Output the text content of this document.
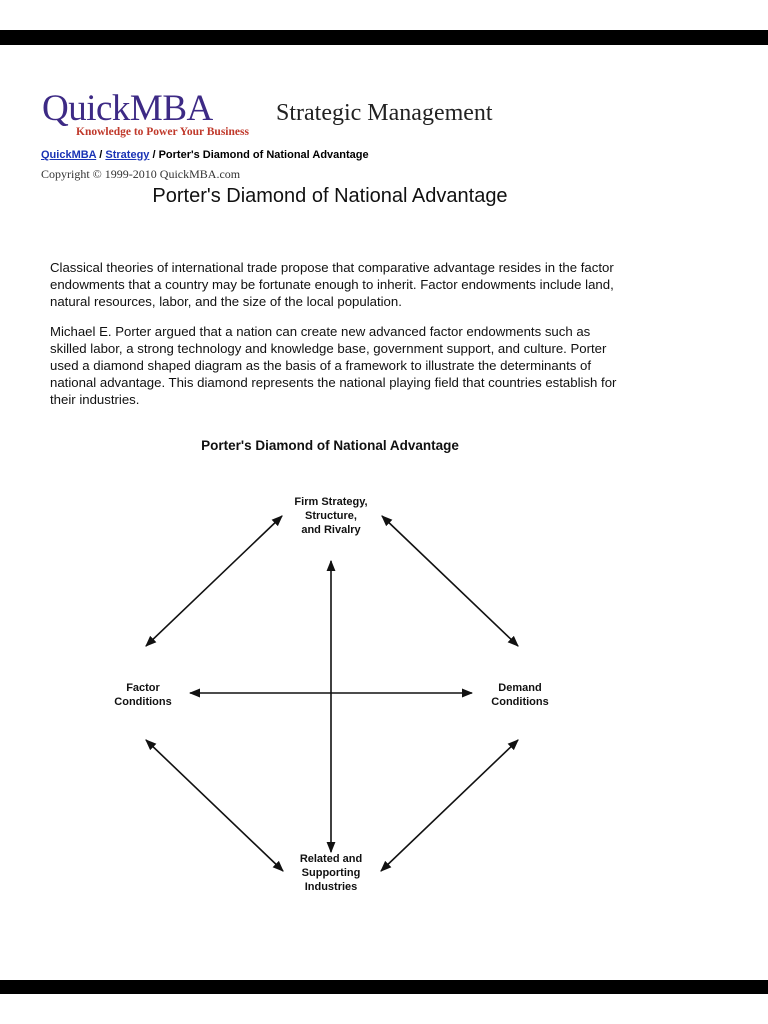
QuickMBA
Knowledge to Power Your Business
Strategic Management
QuickMBA / Strategy / Porter's Diamond of National Advantage
Copyright © 1999-2010 QuickMBA.com
Porter's Diamond of National Advantage

Classical theories of international trade propose that comparative advantage resides in the factor endowments that a country may be fortunate enough to inherit. Factor endowments include land, natural resources, labor, and the size of the local population.

Michael E. Porter argued that a nation can create new advanced factor endowments such as skilled labor, a strong technology and knowledge base, government support, and culture. Porter used a diamond shaped diagram as the basis of a framework to illustrate the determinants of national advantage. This diamond represents the national playing field that countries establish for their industries.

Porter's Diamond of National Advantage
Firm Strategy,
Structure,
and Rivalry
Factor
Conditions
Demand
Conditions
Related and
Supporting
Industries
